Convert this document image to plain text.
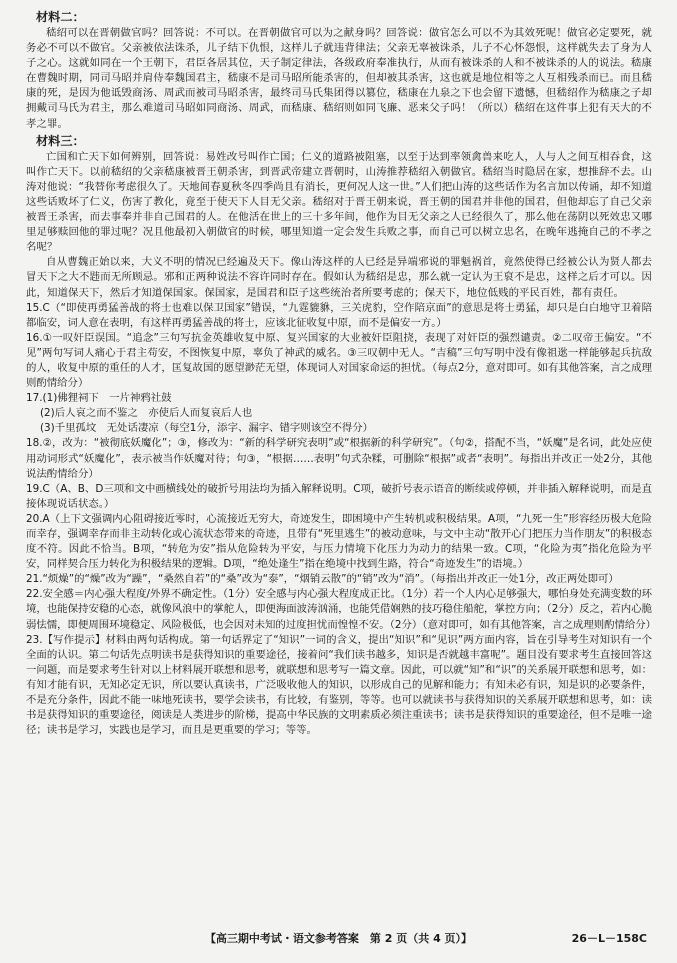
材料二：

嵇绍可以在晋朝做官吗？回答说：不可以。在晋朝做官可以为之献身吗？回答说：做官怎么可以不为其效死呢！做官必定要死，就务必不可以不做官。父亲被依法诛杀，儿子结下仇恨，这样儿子就违背律法；父亲无辜被诛杀，儿子不心怀怨恨，这样就失去了身为人子之心。这就如同在一个王朝下，君臣各居其位，天子制定律法，各级政府奉准执行，从而有被诛杀的人和不被诛杀的人的说法。嵇康在曹魏时期，同司马昭并肩侍奉魏国君主，嵇康不是司马昭所能杀害的，但却被其杀害，这也就是地位相等之人互相残杀而已。而且嵇康的死，是因为他诋毁商汤、周武而被司马昭杀害，最终司马氏集团得以篡位，嵇康在九泉之下也会留下遗憾，但嵇绍作为嵇康之子却拥戴司马氏为君主，那么难道司马昭如同商汤、周武，而嵇康、嵇绍则如同飞廉、恶来父子吗！（所以）嵇绍在这件事上犯有天大的不孝之罪。

材料三：

亡国和亡天下如何辨别，回答说：易姓改号叫作亡国；仁义的道路被阻塞，以至于达到率领禽兽来吃人，人与人之间互相吞食，这叫作亡天下。以前嵇绍的父亲嵇康被晋王朝杀害，到晋武帝建立晋朝时，山涛推荐嵇绍入朝做官。嵇绍当时隐居在家，想推辞不去。山涛对他说：“我替你考虑很久了。天地间春夏秋冬四季尚且有消长，更何况人这一世。”人们把山涛的这些话作为名言加以传诵，却不知道这些话败坏了仁义，伤害了教化，竟至于使天下人目无父亲。嵇绍对于晋王朝来说，晋王朝的国君并非他的国君，但他却忘了自己父亲被晋王杀害，而去事奉并非自己国君的人。在他活在世上的三十多年间，他作为目无父亲之人已经很久了，那么他在荡阴以死效忠又哪里足够赎回他的罪过呢？况且他最初入朝做官的时候，哪里知道一定会发生兵败之事，而自己可以树立忠名，在晚年逃掩自己的不孝之名呢？

自从曹魏正始以来，大义不明的情况已经遍及天下。像山涛这样的人已经是异端邪说的罪魁祸首，竟然使得已经被公认为贤人都去冒天下之大不韪而无所顾忌。邪和正两种说法不容许同时存在。假如认为嵇绍是忠，那么就一定认为王裒不是忠，这样之后才可以。因此，知道保天下，然后才知道保国家。保国家，是国君和臣子这些统治者所要考虑的；保天下，地位低贱的平民百姓，都有责任。

15.C（“即使再勇猛善战的将士也难以保卫国家”错误，“九霆貔貅，三关虎豹，空作陪京面”的意思是将士勇猛，却只是白白地守卫着陪都临安，词人意在表明，有这样再勇猛善战的将士，应该北征收复中原，而不是偏安一方。）

16.①一叹奸臣误国。“追念”三句写抗金英雄收复中原、复兴国家的大业被奸臣阻挠，表现了对奸臣的强烈谴责。②二叹帝王偏安。“不见”两句写词人痛心于君主苟安，不图恢复中原，辜负了神武的威名。③三叹朝中无人。“吉稿”三句写明中没有像祖逖一样能够起兵抗敌的人，收复中原的重任的人才，匡复故国的愿望渺茫无望，体现词人对国家命运的担忧。（每点2分，意对即可。如有其他答案，言之成理则酌情给分）

17.(1)佛狸祠下　一片神鸦社鼓

(2)后人哀之而不鉴之　亦使后人而复哀后人也

(3)千里孤坟　无处话凄凉（每空1分，添字、漏字、错字则该空不得分）

18.②，改为：“被彻底妖魔化”；③，修改为：“新的科学研究表明”或“根据新的科学研究”。（句②，搭配不当，“妖魔”是名词，此处应使用动词形式“妖魔化”，表示被当作妖魔对待；句③，“根据……表明”句式杂糅，可删除“根据”或者“表明”。每指出并改正一处2分，其他说法酌情给分）

19.C（A、B、D三项和文中画横线处的破折号用法均为插入解释说明。C项，破折号表示语音的断续或停顿，并非插入解释说明，而是直接体现说话状态。）

20.A（上下文强调内心阻碍接近零时，心流接近无穷大，奇迹发生，即困境中产生转机或积极结果。A项，“九死一生”形容经历极大危险而幸存，强调幸存而非主动转化或心流状态带来的奇迹，且带有“死里逃生”的被动意味，与文中主动“散开心门把压力当作朋友”的积极态度不符。因此不恰当。B项，“转危为安”指从危险转为平安，与压力情境下化压力为动力的结果一致。C项，“化险为夷”指化危险为平安，同样契合压力转化为积极结果的逻辑。D项，“绝处逢生”指在绝境中找到生路，符合“奇迹发生”的语境。）

21.“烦燥”的“燥”改为“躁”，“桑然自若”的“桑”改为“泰”，“烟销云散”的“销”改为“消”。（每指出并改正一处1分，改正两处即可）

22.安全感＝内心强大程度/外界不确定性。（1分）安全感与内心强大程度成正比。（1分）若一个人内心足够强大，哪怕身处充满变数的环境，也能保持安稳的心态，就像风浪中的掌舵人，即便海面波涛汹涌，也能凭借娴熟的技巧稳住船舵，掌控方向；（2分）反之，若内心脆弱怯懦，即便周围环境稳定、风险极低，也会因对未知的过度担忧而惶惶不安。（2分）（意对即可，如有其他答案，言之成理则酌情给分）

23.【写作提示】材料由两句话构成。第一句话界定了“知识”一词的含义，提出“知识”和“见识”两方面内容，旨在引导考生对知识有一个全面的认识。第二句话先点明读书是获得知识的重要途径，接着问“我们读书越多，知识是否就越丰富呢”。题目没有要求考生直接回答这一问题，而是要求考生针对以上材料展开联想和思考，就联想和思考写一篇文章。因此，可以就“知”和“识”的关系展开联想和思考，如：有知才能有识，无知必定无识，所以要认真读书，广泛吸收他人的知识，以形成自己的见解和能力；有知未必有识，知是识的必要条件，不是充分条件，因此不能一味地死读书，要学会读书，有比较，有鉴别，等等。也可以就读书与获得知识的关系展开联想和思考，如：读书是获得知识的重要途径，阅读是人类进步的阶梯，提高中华民族的文明素质必须注重读书；读书是获得知识的重要途径，但不是唯一途径；读书是学习，实践也是学习，而且是更重要的学习；等等。

【高三期中考试・语文参考答案　第 2 页（共 4 页）】	26－L－158C
